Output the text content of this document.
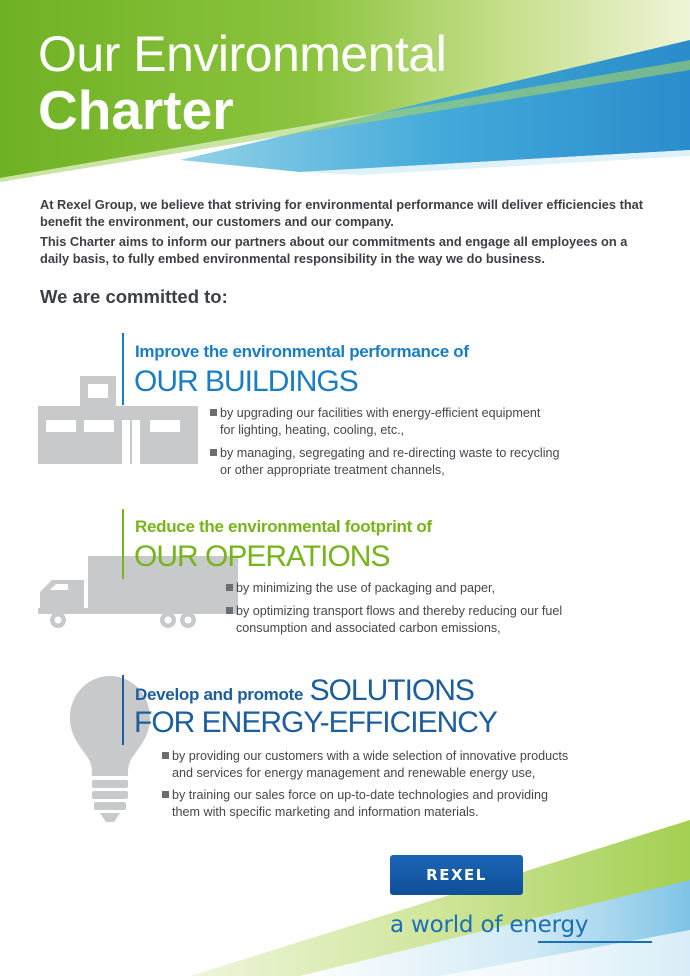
Our Environmental
Charter
At Rexel Group, we believe that striving for environmental performance will deliver efficiencies that benefit the environment, our customers and our company.
This Charter aims to inform our partners about our commitments and engage all employees on a daily basis, to fully embed environmental responsibility in the way we do business.
We are committed to:
Improve the environmental performance of
OUR BUILDINGS
by upgrading our facilities with energy-efficient equipment
for lighting, heating, cooling, etc.,
by managing, segregating and re-directing waste to recycling
or other appropriate treatment channels,
Reduce the environmental footprint of
OUR OPERATIONS
by minimizing the use of packaging and paper,
by optimizing transport flows and thereby reducing our fuel
consumption and associated carbon emissions,
Develop and promote SOLUTIONS
FOR ENERGY-EFFICIENCY
by providing our customers with a wide selection of innovative products
and services for energy management and renewable energy use,
by training our sales force on up-to-date technologies and providing
them with specific marketing and information materials.
REXEL
a world of energy
